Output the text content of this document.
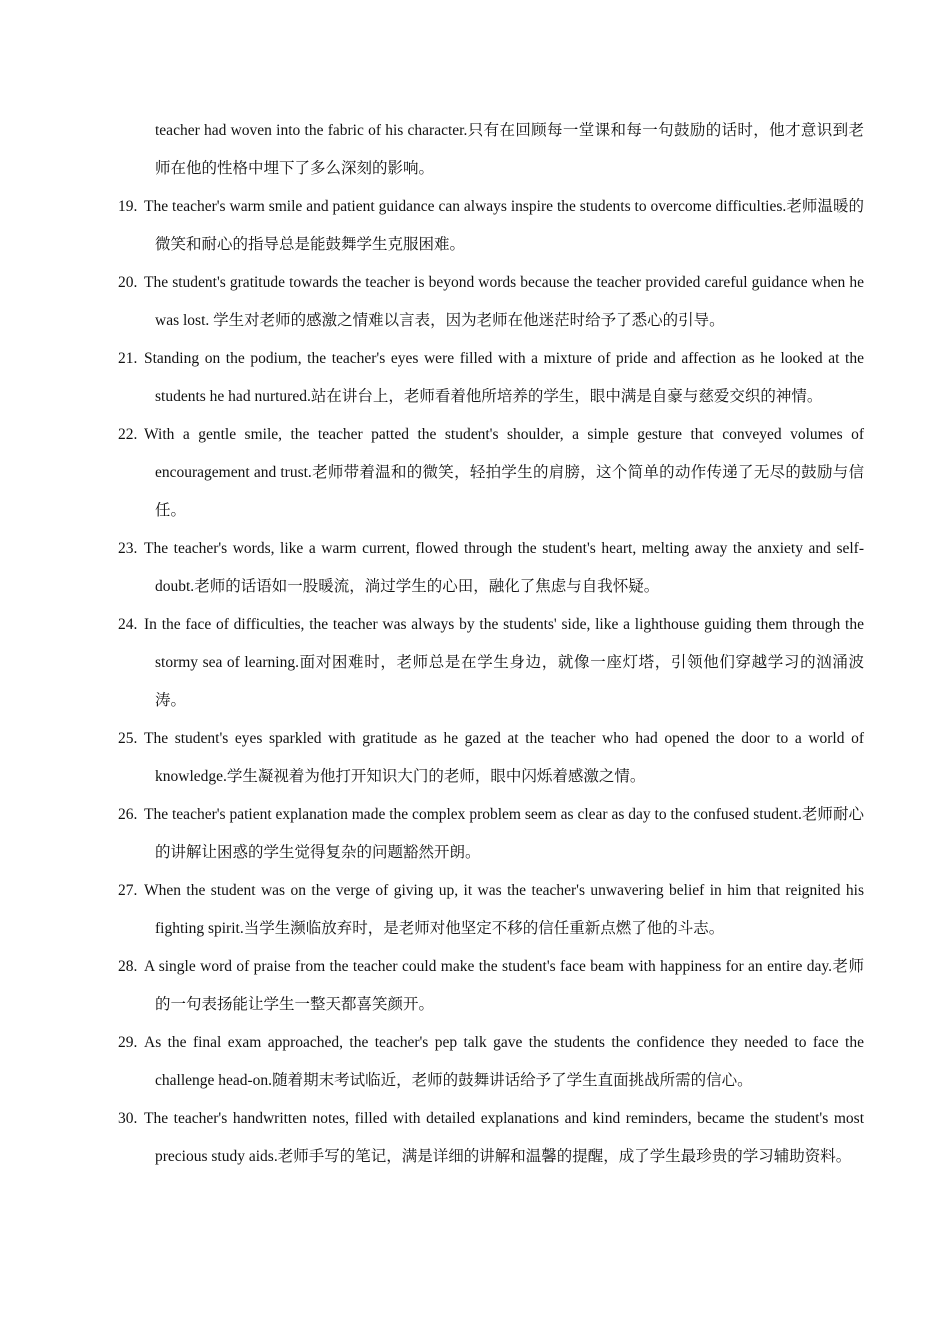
teacher had woven into the fabric of his character.只有在回顾每一堂课和每一句鼓励的话时，他才意识到老师在他的性格中埋下了多么深刻的影响。
19. The teacher's warm smile and patient guidance can always inspire the students to overcome difficulties.老师温暖的微笑和耐心的指导总是能鼓舞学生克服困难。
20. The student's gratitude towards the teacher is beyond words because the teacher provided careful guidance when he was lost. 学生对老师的感激之情难以言表，因为老师在他迷茫时给予了悉心的引导。
21. Standing on the podium, the teacher's eyes were filled with a mixture of pride and affection as he looked at the students he had nurtured.站在讲台上，老师看着他所培养的学生，眼中满是自豪与慈爱交织的神情。
22. With a gentle smile, the teacher patted the student's shoulder, a simple gesture that conveyed volumes of encouragement and trust.老师带着温和的微笑，轻拍学生的肩膀，这个简单的动作传递了无尽的鼓励与信任。
23. The teacher's words, like a warm current, flowed through the student's heart, melting away the anxiety and self-doubt.老师的话语如一股暖流，淌过学生的心田，融化了焦虑与自我怀疑。
24. In the face of difficulties, the teacher was always by the students' side, like a lighthouse guiding them through the stormy sea of learning.面对困难时，老师总是在学生身边，就像一座灯塔，引领他们穿越学习的汹涌波涛。
25. The student's eyes sparkled with gratitude as he gazed at the teacher who had opened the door to a world of knowledge.学生凝视着为他打开知识大门的老师，眼中闪烁着感激之情。
26. The teacher's patient explanation made the complex problem seem as clear as day to the confused student.老师耐心的讲解让困惑的学生觉得复杂的问题豁然开朗。
27. When the student was on the verge of giving up, it was the teacher's unwavering belief in him that reignited his fighting spirit.当学生濒临放弃时，是老师对他坚定不移的信任重新点燃了他的斗志。
28. A single word of praise from the teacher could make the student's face beam with happiness for an entire day.老师的一句表扬能让学生一整天都喜笑颜开。
29. As the final exam approached, the teacher's pep talk gave the students the confidence they needed to face the challenge head-on.随着期末考试临近，老师的鼓舞讲话给予了学生直面挑战所需的信心。
30. The teacher's handwritten notes, filled with detailed explanations and kind reminders, became the student's most precious study aids.老师手写的笔记，满是详细的讲解和温馨的提醒，成了学生最珍贵的学习辅助资料。
